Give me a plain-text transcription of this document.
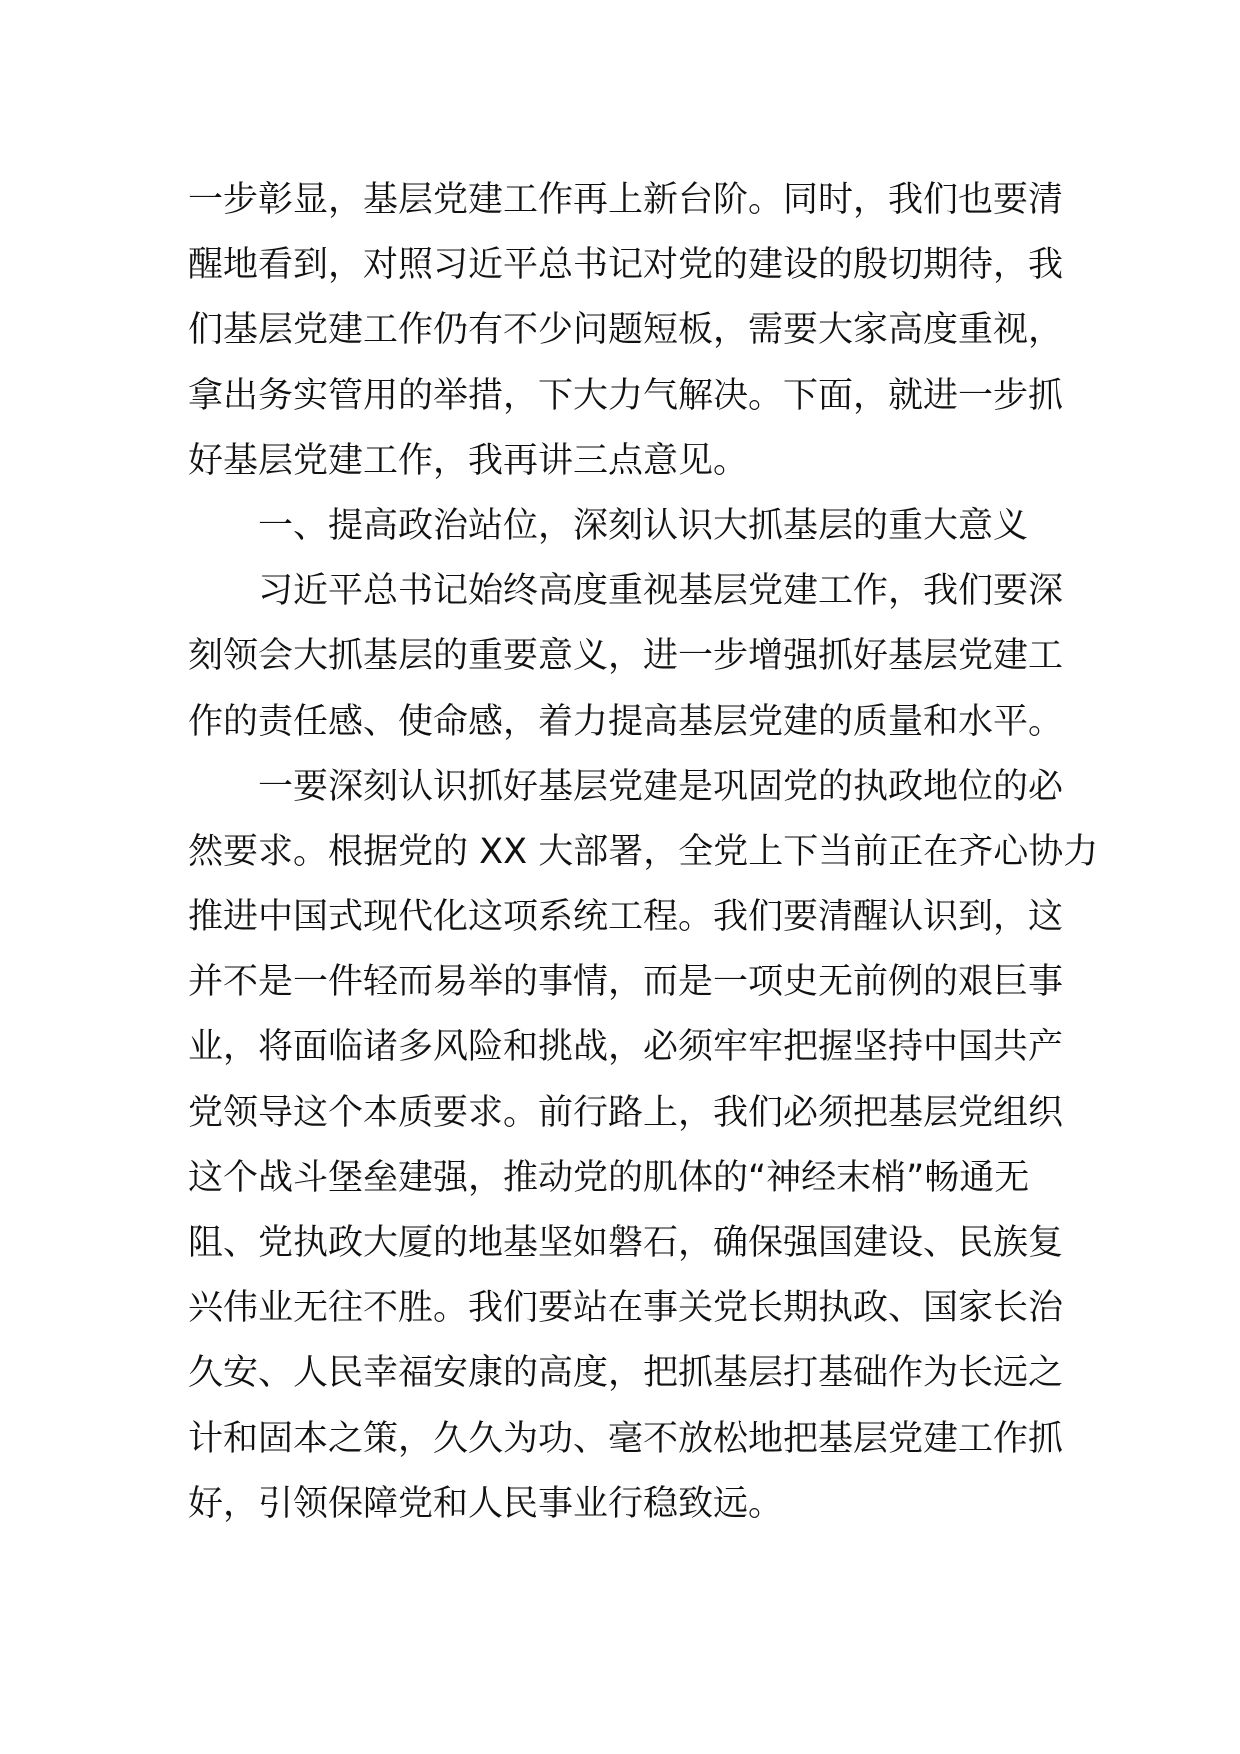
一步彰显，基层党建工作再上新台阶。同时，我们也要清
醒地看到，对照习近平总书记对党的建设的殷切期待，我
们基层党建工作仍有不少问题短板，需要大家高度重视，
拿出务实管用的举措，下大力气解决。下面，就进一步抓
好基层党建工作，我再讲三点意见。
一、提高政治站位，深刻认识大抓基层的重大意义
习近平总书记始终高度重视基层党建工作，我们要深
刻领会大抓基层的重要意义，进一步增强抓好基层党建工
作的责任感、使命感，着力提高基层党建的质量和水平。
一要深刻认识抓好基层党建是巩固党的执政地位的必
然要求。根据党的 XX 大部署，全党上下当前正在齐心协力
推进中国式现代化这项系统工程。我们要清醒认识到，这
并不是一件轻而易举的事情，而是一项史无前例的艰巨事
业，将面临诸多风险和挑战，必须牢牢把握坚持中国共产
党领导这个本质要求。前行路上，我们必须把基层党组织
这个战斗堡垒建强，推动党的肌体的“神经末梢”畅通无
阻、党执政大厦的地基坚如磐石，确保强国建设、民族复
兴伟业无往不胜。我们要站在事关党长期执政、国家长治
久安、人民幸福安康的高度，把抓基层打基础作为长远之
计和固本之策，久久为功、毫不放松地把基层党建工作抓
好，引领保障党和人民事业行稳致远。
